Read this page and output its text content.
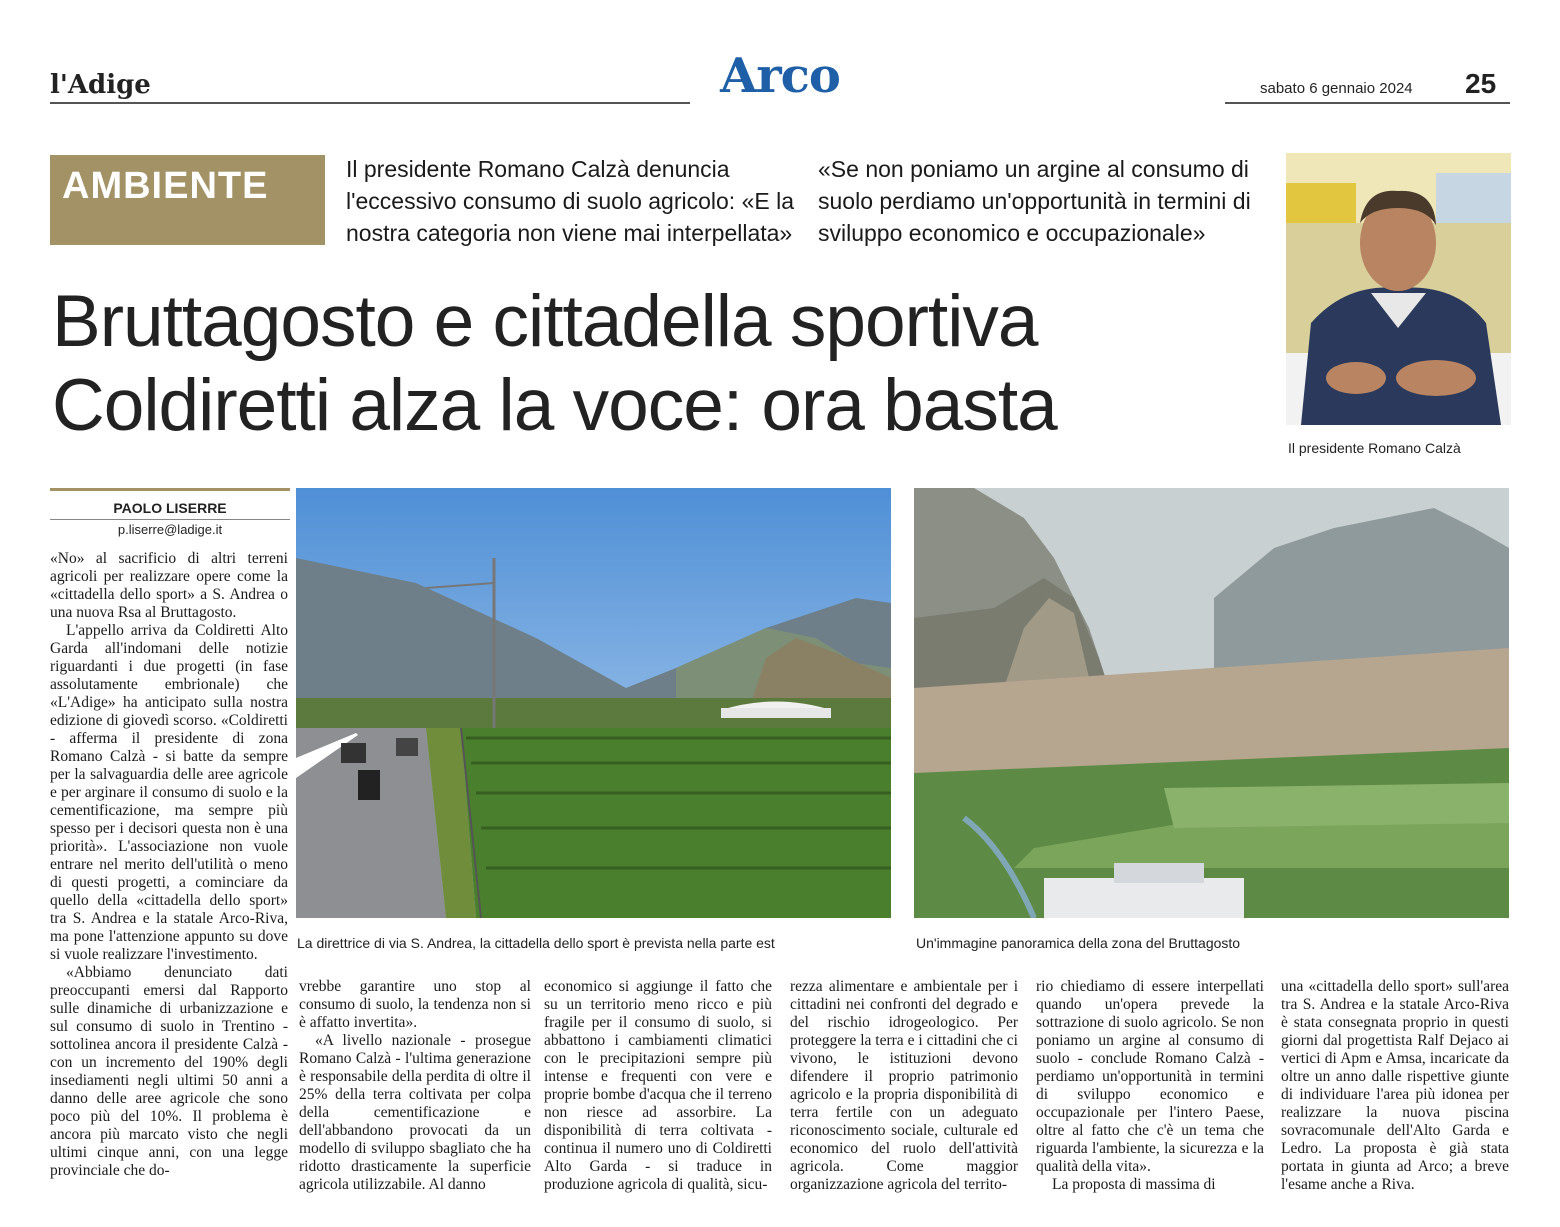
l'Adige	Arco	sabato 6 gennaio 2024 25
AMBIENTE	Il presidente Romano Calzà denuncia l'eccessivo consumo di suolo agricolo: «E la nostra categoria non viene mai interpellata»
«Se non poniamo un argine al consumo di suolo perdiamo un'opportunità in termini di sviluppo economico e occupazionale»
Bruttagosto e cittadella sportiva
Coldiretti alza la voce: ora basta
Il presidente Romano Calzà
PAOLO LISERRE
p.liserre@ladige.it
La direttrice di via S. Andrea, la cittadella dello sport è prevista nella parte est	Un'immagine panoramica della zona del Bruttagosto

«No» al sacrificio di altri terreni agricoli per realizzare opere come la «cittadella dello sport» a S. Andrea o una nuova Rsa al Bruttagosto.

L'appello arriva da Coldiretti Alto Garda all'indomani delle notizie riguardanti i due progetti (in fase assolutamente embrionale) che «L'Adige» ha anticipato sulla nostra edizione di giovedì scorso. «Coldiretti - afferma il presidente di zona Romano Calzà - si batte da sempre per la salvaguardia delle aree agricole e per arginare il consumo di suolo e la cementificazione, ma sempre più spesso per i decisori questa non è una priorità». L'associazione non vuole entrare nel merito dell'utilità o meno di questi progetti, a cominciare da quello della «cittadella dello sport» tra S. Andrea e la statale Arco-Riva, ma pone l'attenzione appunto su dove si vuole realizzare l'investimento.

«Abbiamo denunciato dati preoccupanti emersi dal Rapporto sulle dinamiche di urbanizzazione e sul consumo di suolo in Trentino - sottolinea ancora il presidente Calzà - con un incremento del 190% degli insediamenti negli ultimi 50 anni a danno delle aree agricole che sono poco più del 10%. Il problema è ancora più marcato visto che negli ultimi cinque anni, con una legge provinciale che do-

vrebbe garantire uno stop al consumo di suolo, la tendenza non si è affatto invertita».

«A livello nazionale - prosegue Romano Calzà - l'ultima generazione è responsabile della perdita di oltre il 25% della terra coltivata per colpa della cementificazione e dell'abbandono provocati da un modello di sviluppo sbagliato che ha ridotto drasticamente la superficie agricola utilizzabile. Al danno

economico si aggiunge il fatto che su un territorio meno ricco e più fragile per il consumo di suolo, si abbattono i cambiamenti climatici con le precipitazioni sempre più intense e frequenti con vere e proprie bombe d'acqua che il terreno non riesce ad assorbire. La disponibilità di terra coltivata - continua il numero uno di Coldiretti Alto Garda - si traduce in produzione agricola di qualità, sicu-

rezza alimentare e ambientale per i cittadini nei confronti del degrado e del rischio idrogeologico. Per proteggere la terra e i cittadini che ci vivono, le istituzioni devono difendere il proprio patrimonio agricolo e la propria disponibilità di terra fertile con un adeguato riconoscimento sociale, culturale ed economico del ruolo dell'attività agricola. Come maggior organizzazione agricola del territo-

rio chiediamo di essere interpellati quando un'opera prevede la sottrazione di suolo agricolo. Se non poniamo un argine al consumo di suolo - conclude Romano Calzà - perdiamo un'opportunità in termini di sviluppo economico e occupazionale per l'intero Paese, oltre al fatto che c'è un tema che riguarda l'ambiente, la sicurezza e la qualità della vita».

La proposta di massima di

una «cittadella dello sport» sull'area tra S. Andrea e la statale Arco-Riva è stata consegnata proprio in questi giorni dal progettista Ralf Dejaco ai vertici di Apm e Amsa, incaricate da oltre un anno dalle rispettive giunte di individuare l'area più idonea per realizzare la nuova piscina sovracomunale dell'Alto Garda e Ledro. La proposta è già stata portata in giunta ad Arco; a breve l'esame anche a Riva.
